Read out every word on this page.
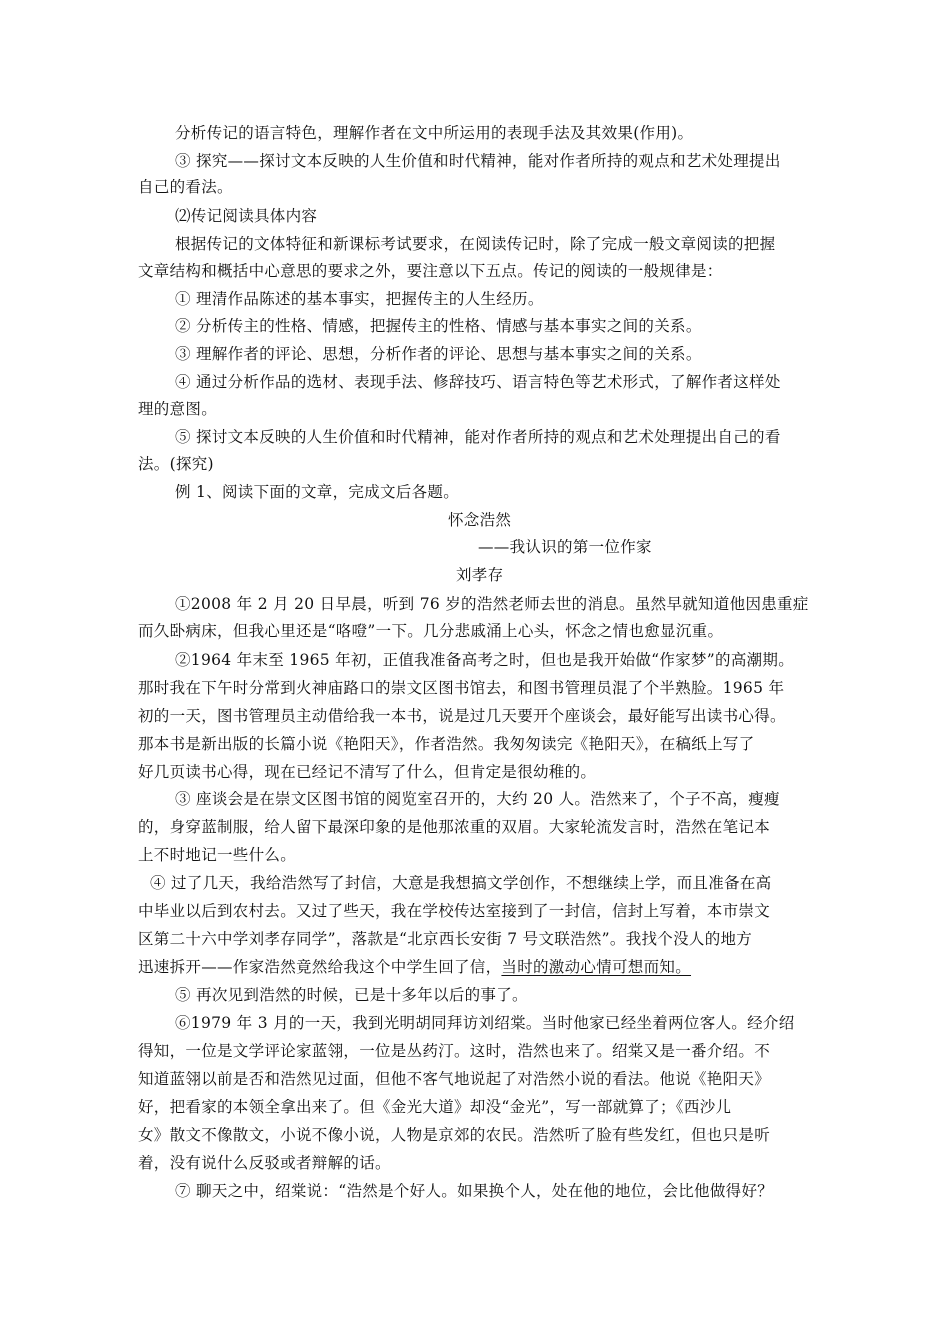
分析传记的语言特色，理解作者在文中所运用的表现手法及其效果(作用)。
③ 探究——探讨文本反映的人生价值和时代精神，能对作者所持的观点和艺术处理提出
自己的看法。
⑵传记阅读具体内容
根据传记的文体特征和新课标考试要求，在阅读传记时，除了完成一般文章阅读的把握
文章结构和概括中心意思的要求之外，要注意以下五点。传记的阅读的一般规律是：
① 理清作品陈述的基本事实，把握传主的人生经历。
② 分析传主的性格、情感，把握传主的性格、情感与基本事实之间的关系。
③ 理解作者的评论、思想，分析作者的评论、思想与基本事实之间的关系。
④ 通过分析作品的选材、表现手法、修辞技巧、语言特色等艺术形式，了解作者这样处
理的意图。
⑤ 探讨文本反映的人生价值和时代精神，能对作者所持的观点和艺术处理提出自己的看
法。(探究)
例 1、阅读下面的文章，完成文后各题。
怀念浩然
——我认识的第一位作家
刘孝存
①2008 年 2 月 20 日早晨，听到 76 岁的浩然老师去世的消息。虽然早就知道他因患重症
而久卧病床，但我心里还是“咯噔”一下。几分悲戚涌上心头，怀念之情也愈显沉重。
②1964 年末至 1965 年初，正值我准备高考之时，但也是我开始做“作家梦”的高潮期。
那时我在下午时分常到火神庙路口的崇文区图书馆去，和图书管理员混了个半熟脸。1965 年
初的一天，图书管理员主动借给我一本书，说是过几天要开个座谈会，最好能写出读书心得。
那本书是新出版的长篇小说《艳阳天》，作者浩然。我匆匆读完《艳阳天》，在稿纸上写了
好几页读书心得，现在已经记不清写了什么，但肯定是很幼稚的。
③ 座谈会是在崇文区图书馆的阅览室召开的，大约 20 人。浩然来了，个子不高，瘦瘦
的，身穿蓝制服，给人留下最深印象的是他那浓重的双眉。大家轮流发言时，浩然在笔记本
上不时地记一些什么。
④ 过了几天，我给浩然写了封信，大意是我想搞文学创作，不想继续上学，而且准备在高
中毕业以后到农村去。又过了些天，我在学校传达室接到了一封信，信封上写着，本市崇文
区第二十六中学刘孝存同学”，落款是“北京西长安街 7 号文联浩然”。我找个没人的地方
迅速拆开——作家浩然竟然给我这个中学生回了信，当时的激动心情可想而知。
⑤ 再次见到浩然的时候，已是十多年以后的事了。
⑥1979 年 3 月的一天，我到光明胡同拜访刘绍棠。当时他家已经坐着两位客人。经介绍
得知，一位是文学评论家蓝翎，一位是丛药汀。这时，浩然也来了。绍棠又是一番介绍。不
知道蓝翎以前是否和浩然见过面，但他不客气地说起了对浩然小说的看法。他说《艳阳天》
好，把看家的本领全拿出来了。但《金光大道》却没“金光”，写一部就算了；《西沙儿
女》散文不像散文，小说不像小说，人物是京郊的农民。浩然听了脸有些发红，但也只是听
着，没有说什么反驳或者辩解的话。
⑦ 聊天之中，绍棠说：“浩然是个好人。如果换个人，处在他的地位，会比他做得好？
